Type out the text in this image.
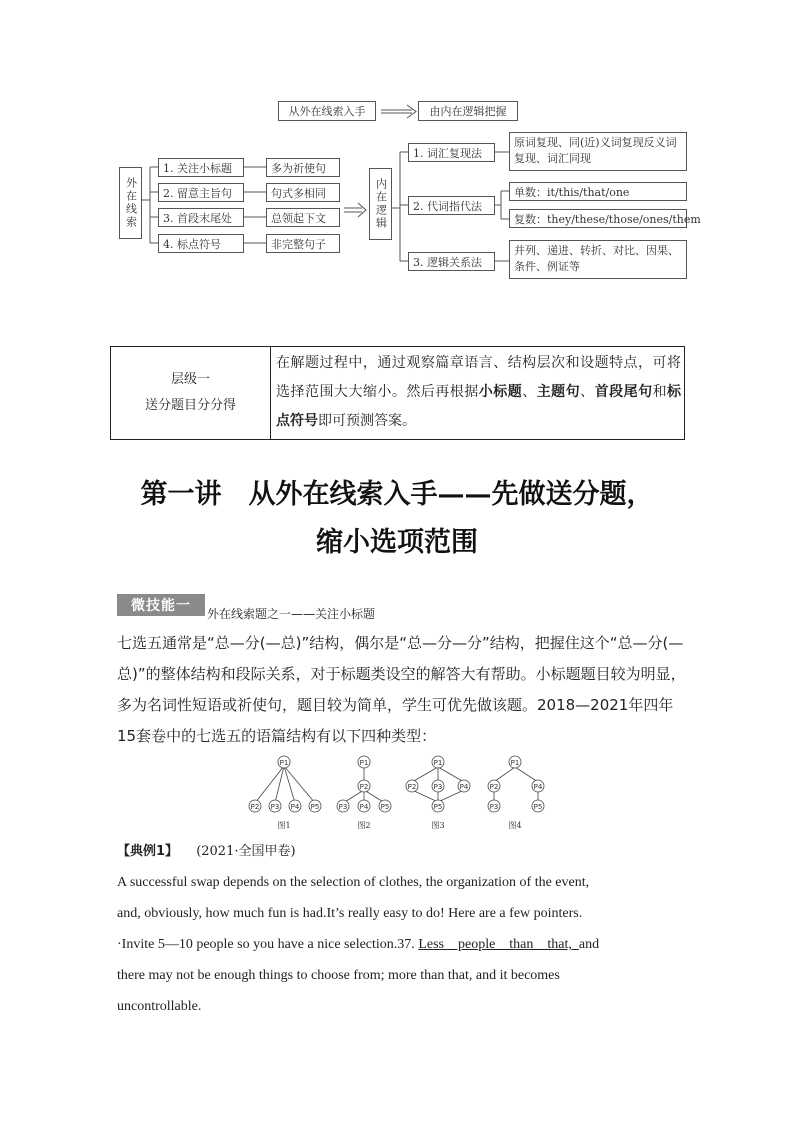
从外在线索入手	由内在逻辑把握
外在线索
1. 关注小标题
2. 留意主旨句
3. 首段末尾处
4. 标点符号
多为祈使句
句式多相同
总领起下文
非完整句子
内在逻辑
1. 词汇复现法
2. 代词指代法
3. 逻辑关系法
原词复现、同(近)义词复现反义词复现、词汇同现
单数：it/this/that/one
复数：they/these/those/ones/them
并列、递进、转折、对比、因果、条件、例证等
层级一
送分题目分分得
在解题过程中，通过观察篇章语言、结构层次和设题特点，可将选择范围大大缩小。然后再根据小标题、主题句、首段尾句和标点符号即可预测答案。
第一讲　从外在线索入手——先做送分题，
缩小选项范围
微技能一	外在线索题之一——关注小标题

七选五通常是“总—分(—总)”结构，偶尔是“总—分—分”结构，把握住这个“总—分(—总)”的整体结构和段际关系，对于标题类设空的解答大有帮助。小标题题目较为明显，多为名词性短语或祈使句，题目较为简单，学生可优先做该题。2018—2021年四年15套卷中的七选五的语篇结构有以下四种类型：

P1
P2 P3 P4 P5
P1
P2
P3 P4 P5
P1
P2 P3 P4
P5
P1
P2	P4
P3	P5
图1	图2	图3	图4
【典例1】 (2021·全国甲卷)
A successful swap depends on the selection of clothes, the organization of the event,
and, obviously, how much fun is had.It’s really easy to do! Here are a few pointers.
·Invite 5—10 people so you have a nice selection.37. Less    people    than    that,  and
there may not be enough things to choose from; more than that, and it becomes
uncontrollable.
